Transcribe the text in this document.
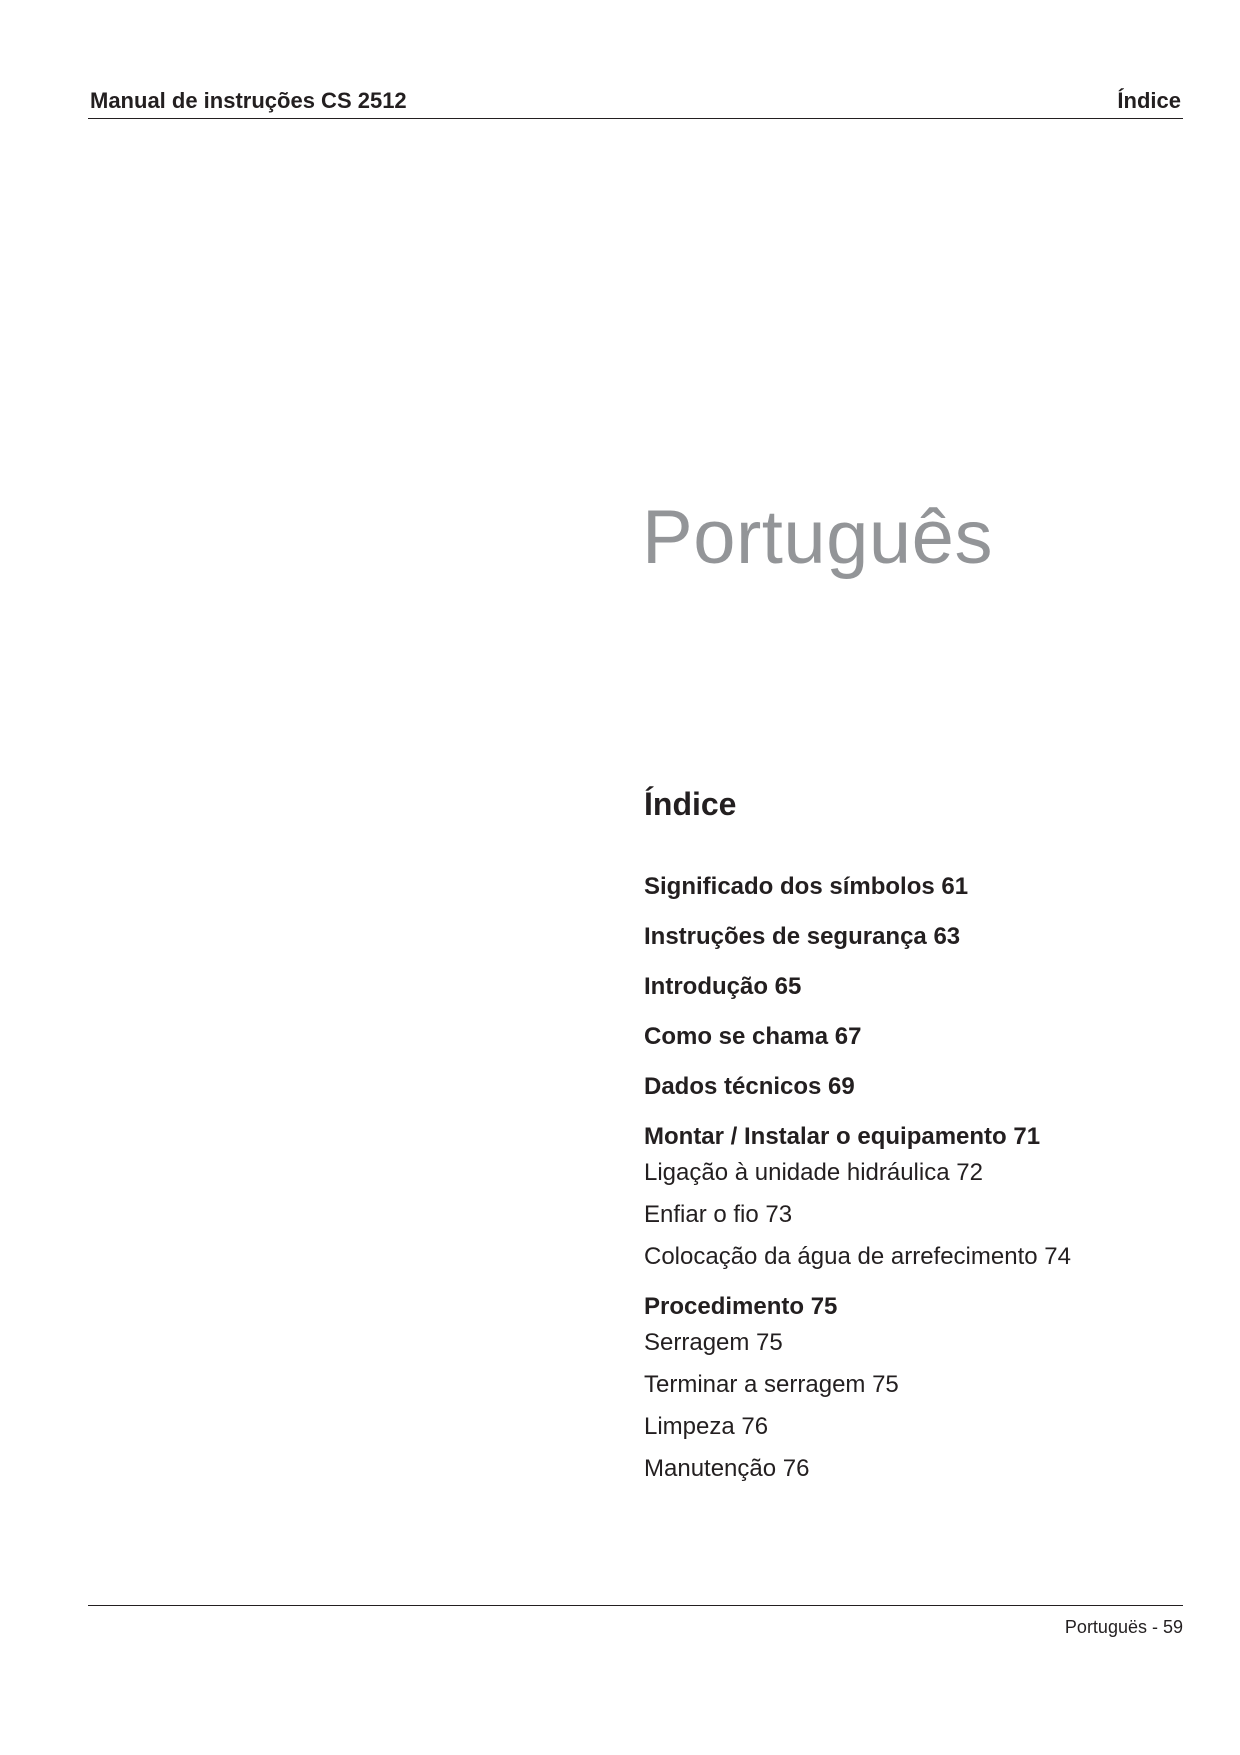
Manual de instruções CS 2512	Índice
Português
Índice
Significado dos símbolos 61
Instruções de segurança 63
Introdução 65
Como se chama 67
Dados técnicos 69
Montar / Instalar o equipamento 71
Ligação à unidade hidráulica 72
Enfiar o fio 73
Colocação da água de arrefecimento 74
Procedimento 75
Serragem 75
Terminar a serragem 75
Limpeza 76
Manutenção 76
Portuguës - 59
